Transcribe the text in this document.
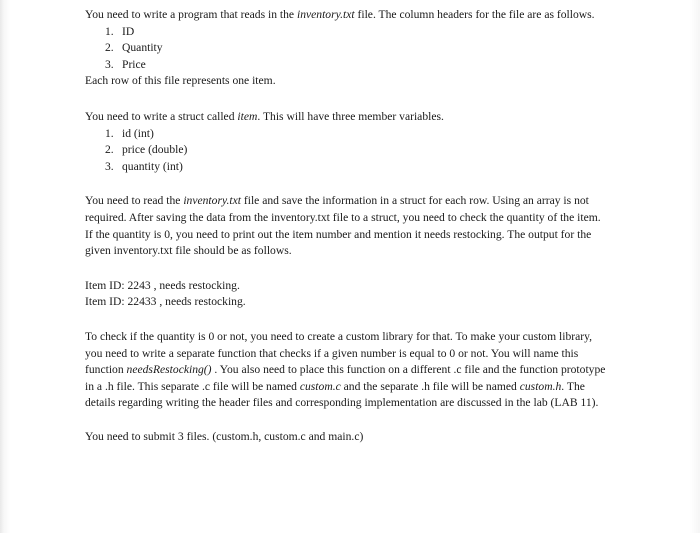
You need to write a program that reads in the inventory.txt file. The column headers for the file are as follows.

1. ID
2. Quantity
3. Price

Each row of this file represents one item.

You need to write a struct called item. This will have three member variables.

1. id (int)
2. price (double)
3. quantity (int)

You need to read the inventory.txt file and save the information in a struct for each row. Using an array is not required. After saving the data from the inventory.txt file to a struct, you need to check the quantity of the item. If the quantity is 0, you need to print out the item number and mention it needs restocking. The output for the given inventory.txt file should be as follows.

Item ID: 2243 , needs restocking.

Item ID: 22433 , needs restocking.

To check if the quantity is 0 or not, you need to create a custom library for that. To make your custom library, you need to write a separate function that checks if a given number is equal to 0 or not. You will name this function needsRestocking() . You also need to place this function on a different .c file and the function prototype in a .h file. This separate .c file will be named custom.c and the separate .h file will be named custom.h. The details regarding writing the header files and corresponding implementation are discussed in the lab (LAB 11).

You need to submit 3 files. (custom.h, custom.c and main.c)
